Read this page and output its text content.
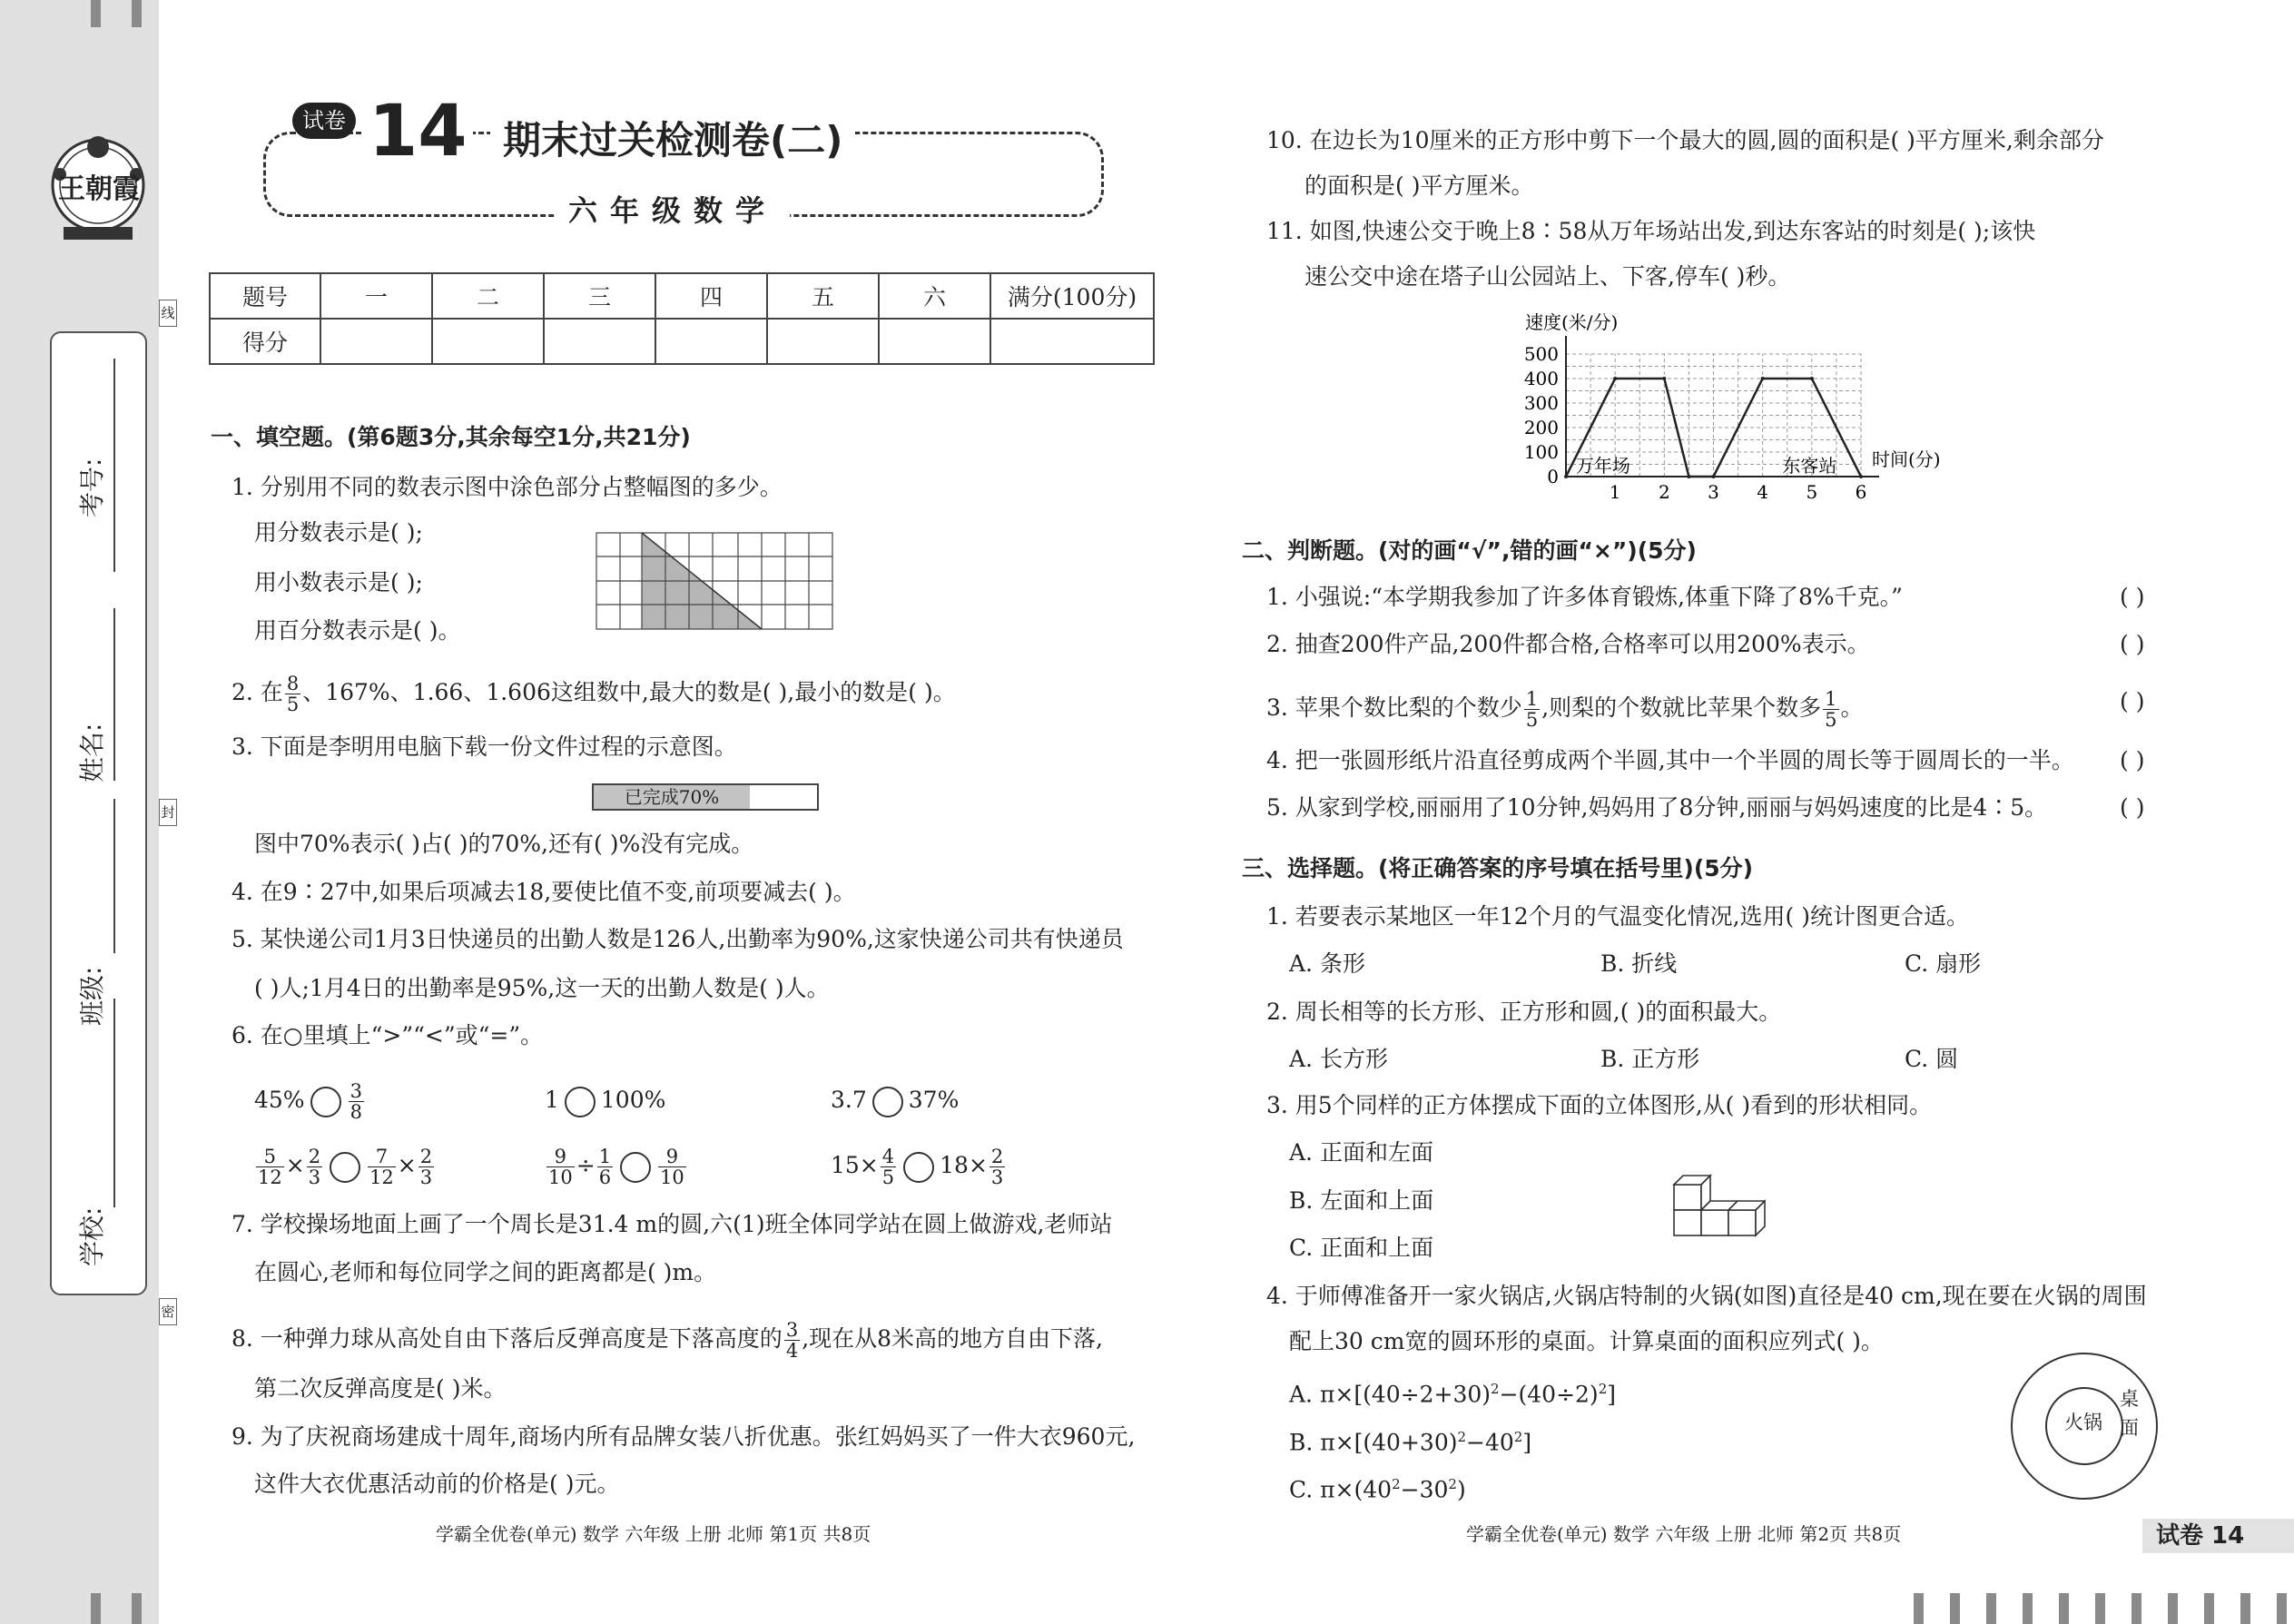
王朝霞
考号:
姓名:
班级:
学校:
线
封
密
试卷 14 期末过关检测卷(二)
六年级数学
题号	一	二	三	四	五	六	满分(100分)
得分							
一、填空题。(第6题3分,其余每空1分,共21分)
1. 分别用不同的数表示图中涂色部分占整幅图的多少。
用分数表示是( );
用小数表示是( );
用百分数表示是( )。
2. 在 $\frac{8}{5}$ 、167%、1.66、1.606这组数中,最大的数是( ),最小的数是( )。
3. 下面是李明用电脑下载一份文件过程的示意图。
已完成70%
图中70%表示( )占( )的70%,还有( )%没有完成。
4. 在9∶27中,如果后项减去18,要使比值不变,前项要减去( )。
5. 某快递公司1月3日快递员的出勤人数是126人,出勤率为90%,这家快递公司共有快递员
( )人;1月4日的出勤率是95%,这一天的出勤人数是( )人。
6. 在○里填上“>”“<”或“=”。
$45\% \frac{3}{8}$	1 100%	3.7 37%
$\frac{5}{12} \times \frac{2}{3} \frac{7}{12} \times \frac{2}{3}$	$\frac{9}{10} \div \frac{1}{6} \frac{9}{10}$	$15\times \frac{4}{5} 18\times \frac{2}{3}$
7. 学校操场地面上画了一个周长是31.4 m的圆,六(1)班全体同学站在圆上做游戏,老师站
在圆心,老师和每位同学之间的距离都是( )m。
8. 一种弹力球从高处自由下落后反弹高度是下落高度的 $\frac{3}{4}$ ,现在从8米高的地方自由下落,
第二次反弹高度是( )米。
9. 为了庆祝商场建成十周年,商场内所有品牌女装八折优惠。张红妈妈买了一件大衣960元,
这件大衣优惠活动前的价格是( )元。
学霸全优卷(单元) 数学 六年级 上册 北师 第1页 共8页
10. 在边长为10厘米的正方形中剪下一个最大的圆,圆的面积是( )平方厘米,剩余部分
的面积是( )平方厘米。
11. 如图,快速公交于晚上8∶58从万年场站出发,到达东客站的时刻是( );该快
速公交中途在塔子山公园站上、下客,停车( )秒。
0
100
200
300
400
500
1 2 3 4 5 6
速度(米/分)
时间(分)
万年场	东客站
二、判断题。(对的画“√”,错的画“×”)(5分)
1. 小强说:“本学期我参加了许多体育锻炼,体重下降了8%千克。”
2. 抽查200件产品,200件都合格,合格率可以用200%表示。
3. 苹果个数比梨的个数少 $\frac{1}{5}$ ,则梨的个数就比苹果个数多 $\frac{1}{5}$ 。
4. 把一张圆形纸片沿直径剪成两个半圆,其中一个半圆的周长等于圆周长的一半。
5. 从家到学校,丽丽用了10分钟,妈妈用了8分钟,丽丽与妈妈速度的比是4∶5。
( )
( )
( )
( )
( )
三、选择题。(将正确答案的序号填在括号里)(5分)
1. 若要表示某地区一年12个月的气温变化情况,选用( )统计图更合适。
A. 条形	B. 折线	C. 扇形
2. 周长相等的长方形、正方形和圆,( )的面积最大。
A. 长方形	B. 正方形	C. 圆
3. 用5个同样的正方体摆成下面的立体图形,从( )看到的形状相同。
A. 正面和左面
B. 左面和上面
C. 正面和上面
4. 于师傅准备开一家火锅店,火锅店特制的火锅(如图)直径是40 cm,现在要在火锅的周围
配上30 cm宽的圆环形的桌面。计算桌面的面积应列式( )。
A. $\pi\times[(40\div 2+30)^2-(40\div 2)^2]$
B. $\pi\times[(40+30)^2-40^2]$
C. $\pi\times(40^2-30^2)$
火锅
桌
面
学霸全优卷(单元) 数学 六年级 上册 北师 第2页 共8页	试卷 14
